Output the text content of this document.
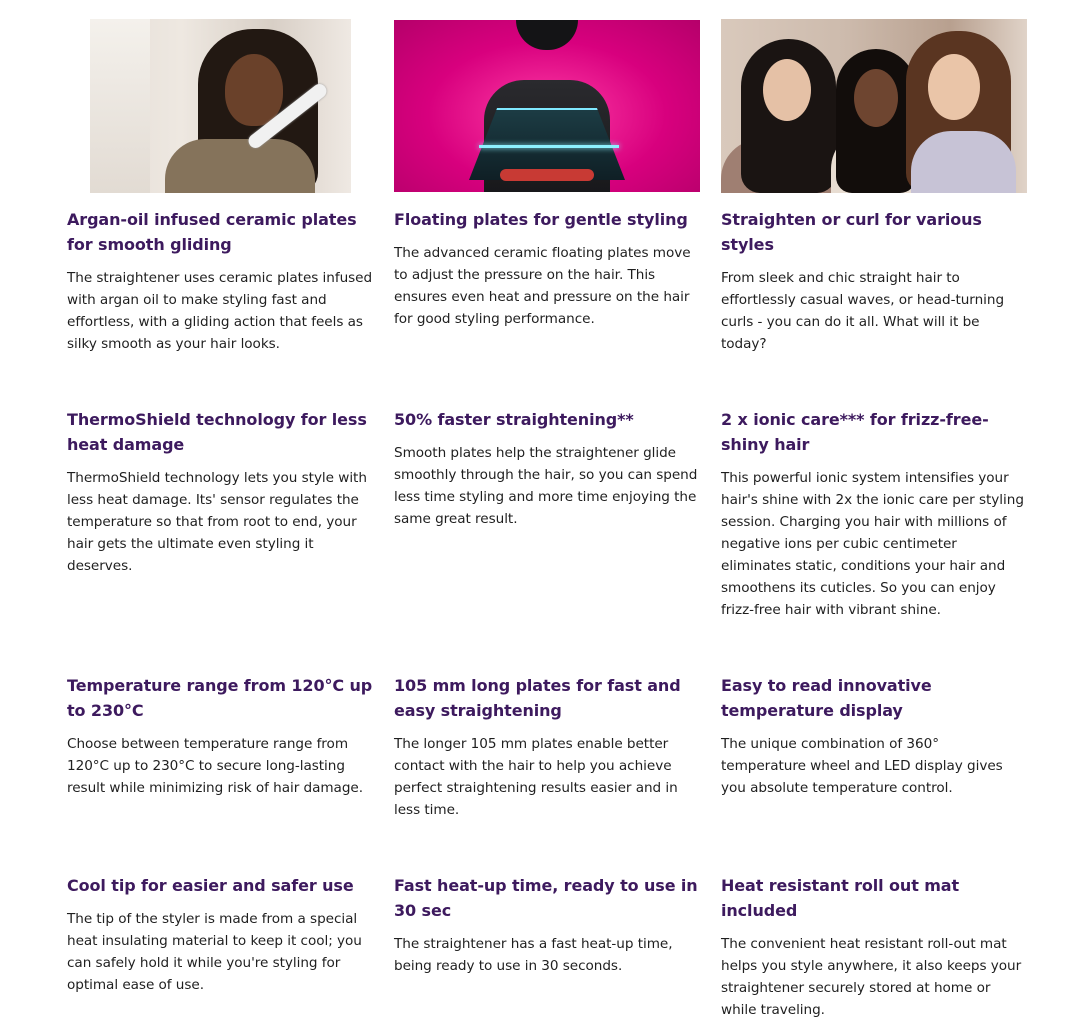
Argan-oil infused ceramic plates for smooth gliding

The straightener uses ceramic plates infused with argan oil to make styling fast and effortless, with a gliding action that feels as silky smooth as your hair looks.

Floating plates for gentle styling

The advanced ceramic floating plates move to adjust the pressure on the hair. This ensures even heat and pressure on the hair for good styling performance.

Straighten or curl for various styles

From sleek and chic straight hair to effortlessly casual waves, or head-turning curls - you can do it all. What will it be today?

ThermoShield technology for less heat damage

ThermoShield technology lets you style with less heat damage. Its' sensor regulates the temperature so that from root to end, your hair gets the ultimate even styling it deserves.

50% faster straightening**

Smooth plates help the straightener glide smoothly through the hair, so you can spend less time styling and more time enjoying the same great result.

2 x ionic care*** for frizz-free-shiny hair

This powerful ionic system intensifies your hair's shine with 2x the ionic care per styling session. Charging you hair with millions of negative ions per cubic centimeter eliminates static, conditions your hair and smoothens its cuticles. So you can enjoy frizz-free hair with vibrant shine.

Temperature range from 120°C up to 230°C

Choose between temperature range from 120°C up to 230°C to secure long-lasting result while minimizing risk of hair damage.

105 mm long plates for fast and easy straightening

The longer 105 mm plates enable better contact with the hair to help you achieve perfect straightening results easier and in less time.

Easy to read innovative temperature display

The unique combination of 360° temperature wheel and LED display gives you absolute temperature control.

Cool tip for easier and safer use

The tip of the styler is made from a special heat insulating material to keep it cool; you can safely hold it while you're styling for optimal ease of use.

Fast heat-up time, ready to use in 30 sec

The straightener has a fast heat-up time, being ready to use in 30 seconds.

Heat resistant roll out mat included

The convenient heat resistant roll-out mat helps you style anywhere, it also keeps your straightener securely stored at home or while traveling.
